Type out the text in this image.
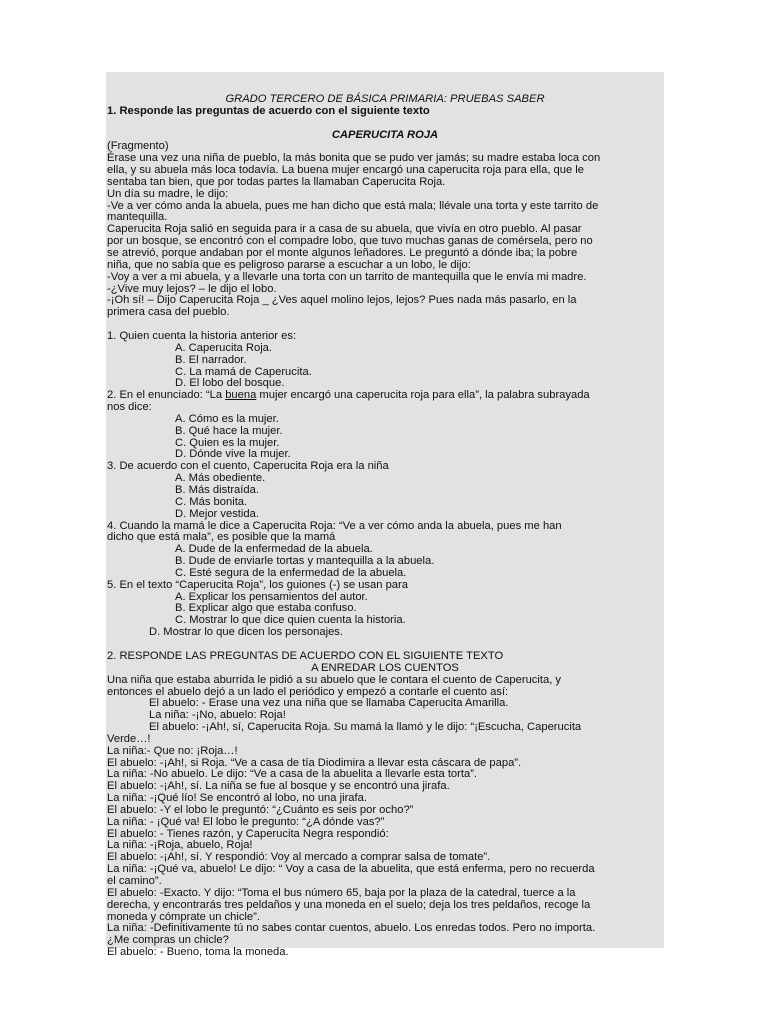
GRADO TERCERO DE BÁSICA PRIMARIA: PRUEBAS SABER
1. Responde las preguntas de acuerdo con el siguiente texto
CAPERUCITA ROJA
(Fragmento)
Érase una vez una niña de pueblo, la más bonita que se pudo ver jamás; su madre estaba loca con
ella, y su abuela más loca todavía. La buena mujer encargó una caperucita roja para ella, que le
sentaba tan bien, que por todas partes la llamaban Caperucita Roja.
Un día su madre, le dijo:
-Ve a ver cómo anda la abuela, pues me han dicho que está mala; llévale una torta y este tarrito de
mantequilla.
Caperucita Roja salió en seguida para ir a casa de su abuela, que vivía en otro pueblo. Al pasar
por un bosque, se encontró con el compadre lobo, que tuvo muchas ganas de comérsela, pero no
se atrevió, porque andaban por el monte algunos leñadores. Le preguntó a dónde iba; la pobre
niña, que no sabía que es peligroso pararse a escuchar a un lobo, le dijo:
-Voy a ver a mi abuela, y a llevarle una torta con un tarrito de mantequilla que le envía mi madre.
-¿Vive muy lejos? – le dijo el lobo.
-¡Oh sí! – Dijo Caperucita Roja _ ¿Ves aquel molino lejos, lejos? Pues nada más pasarlo, en la
primera casa del pueblo.
1. Quien cuenta la historia anterior es:
A. Caperucita Roja.
B. El narrador.
C. La mamá de Caperucita.
D. El lobo del bosque.
2. En el enunciado: “La buena mujer encargó una caperucita roja para ella”, la palabra subrayada
nos dice:
A. Cómo es la mujer.
B. Qué hace la mujer.
C. Quien es la mujer.
D. Dónde vive la mujer.
3. De acuerdo con el cuento, Caperucita Roja era la niña
A. Más obediente.
B. Más distraída.
C. Más bonita.
D. Mejor vestida.
4. Cuando la mamá le dice a Caperucita Roja: “Ve a ver cómo anda la abuela, pues me han
dicho que está mala”, es posible que la mamá
A. Dude de la enfermedad de la abuela.
B. Dude de enviarle tortas y mantequilla a la abuela.
C. Esté segura de la enfermedad de la abuela.
5. En el texto “Caperucita Roja”, los guiones (-) se usan para
A. Explicar los pensamientos del autor.
B. Explicar algo que estaba confuso.
C. Mostrar lo que dice quien cuenta la historia.
D. Mostrar lo que dicen los personajes.
2. RESPONDE LAS PREGUNTAS DE ACUERDO CON EL SIGUIENTE TEXTO
A ENREDAR LOS CUENTOS
Una niña que estaba aburrida le pidió a su abuelo que le contara el cuento de Caperucita, y
entonces el abuelo dejó a un lado el periódico y empezó a contarle el cuento así:
El abuelo: - Erase una vez una niña que se llamaba Caperucita Amarilla.
La niña: -¡No, abuelo: Roja!
El abuelo: -¡Ah!, sí, Caperucita Roja. Su mamá la llamó y le dijo: “¡Escucha, Caperucita
Verde…!
La niña:- Que no: ¡Roja…!
El abuelo: -¡Ah!, si Roja. “Ve a casa de tía Diodimira a llevar esta cáscara de papa”.
La niña: -No abuelo. Le dijo: “Ve a casa de la abuelita a llevarle esta torta”.
El abuelo: -¡Ah!, sí. La niña se fue al bosque y se encontró una jirafa.
La niña: -¡Qué lío! Se encontró al lobo, no una jirafa.
El abuelo: -Y el lobo le preguntó: “¿Cuánto es seis por ocho?”
La niña: - ¡Qué va! El lobo le pregunto: “¿A dónde vas?”
El abuelo: - Tienes razón, y Caperucita Negra respondió:
La niña: -¡Roja, abuelo, Roja!
El abuelo: -¡Ah!, sí. Y respondió: Voy al mercado a comprar salsa de tomate”.
La niña: -¡Qué va, abuelo! Le dijo: “ Voy a casa de la abuelita, que está enferma, pero no recuerda
el camino”.
El abuelo: -Exacto. Y dijo: “Toma el bus número 65, baja por la plaza de la catedral, tuerce a la
derecha, y encontrarás tres peldaños y una moneda en el suelo; deja los tres peldaños, recoge la
moneda y cómprate un chicle”.
La niña: -Definitivamente tú no sabes contar cuentos, abuelo. Los enredas todos. Pero no importa.
¿Me compras un chicle?
El abuelo: - Bueno, toma la moneda.
